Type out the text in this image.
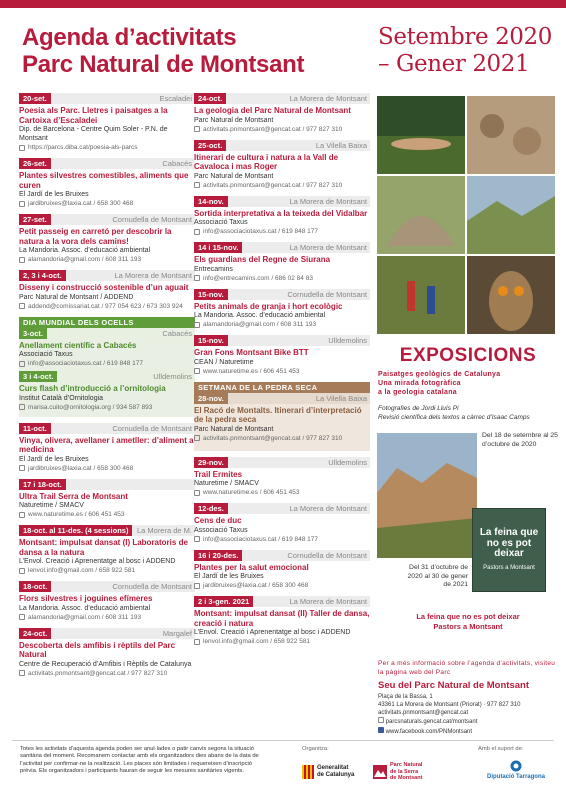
Agenda d’activitats
Parc Natural de Montsant
Setembre 2020
– Gener 2021
20-set.	Escaladei
Poesia als Parc. Lletres i paisatges a la Cartoixa d’Escaladei
Dip. de Barcelona - Centre Quim Soler - P.N. de Montsant
https://parcs.diba.cat/poesia-als-parcs
26-set.	Cabacés
Plantes silvestres comestibles, aliments que curen
El Jardí de les Bruixes
jardibruixes@laxia.cat / 658 300 468
27-set.	Cornudella de Montsant
Petit passeig en carretó per descobrir la natura a la vora dels camins!
La Mandoria. Assoc. d’educació ambiental
alamandoria@gmail.com / 608 311 193
2, 3 i 4-oct.	La Morera de Montsant
Disseny i construcció sostenible d’un aguait
Parc Natural de Montsant / ADDEND
addend@comissariat.cat / 977 054 623 / 673 303 924
DIA MUNDIAL DELS OCELLS
3-oct.	Cabacés
Anellament científic a Cabacés
Associació Taxus
info@associaciotaxus.cat / 619 848 177
3 i 4-oct.	Ulldemolins
Curs flash d’introducció a l’ornitologia
Institut Català d’Ornitologia
marisa.cuito@ornitologia.org / 934 587 893
11-oct.	Cornudella de Montsant
Vinya, olivera, avellaner i ametller: d’aliment a medicina
El Jardí de les Bruixes
jardibruixes@laxia.cat / 658 300 468
17 i 18-oct.
Ultra Trail Serra de Montsant
Naturetime / SMACV
www.naturetime.es / 606 451 453
18-oct. al 11-des. (4 sessions)	La Morera de M.
Montsant: impulsat dansat (I) Laboratoris de dansa a la natura
L’Envol. Creació i Aprenentatge al bosc i ADDEND
lenvol.info@gmail.com / 658 922 581
18-oct.	Cornudella de Montsant
Flors silvestres i joguines efímeres
La Mandoria. Assoc. d’educació ambiental
alamandoria@gmail.com / 608 311 193
24-oct.	Margalef
Descoberta dels amfibis i rèptils del Parc Natural
Centre de Recuperació d’Amfibis i Rèptils de Catalunya
activitats.pnmontsant@gencat.cat / 977 827 310
24-oct.	La Morera de Montsant
La geologia del Parc Natural de Montsant
Parc Natural de Montsant
activitats.pnmontsant@gencat.cat / 977 827 310
25-oct.	La Vilella Baixa
Itinerari de cultura i natura a la Vall de Cavaloca i mas Roger
Parc Natural de Montsant
activitats.pnmontsant@gencat.cat / 977 827 310
14-nov.	La Morera de Montsant
Sortida interpretativa a la teixeda del Vidalbar
Associació Taxus
info@associaciotaxus.cat / 619 848 177
14 i 15-nov.	La Morera de Montsant
Els guardians del Regne de Siurana
Entrecamins
info@entrecamins.com / 686 02 84 83
15-nov.	Cornudella de Montsant
Petits animals de granja i hort ecològic
La Mandoria. Assoc. d’educació ambiental
alamandoria@gmail.com / 608 311 193
15-nov.	Ulldemolins
Gran Fons Montsant Bike BTT
CEAN / Naturetime
www.naturetime.es / 606 451 453
SETMANA DE LA PEDRA SECA
28-nov.	La Vilella Baixa
El Racó de Montalts. Itinerari d’interpretació de la pedra seca
Parc Natural de Montsant
activitats.pnmontsant@gencat.cat / 977 827 310
29-nov.	Ulldemolins
Trail Ermites
Naturetime / SMACV
www.naturetime.es / 606 451 453
12-des.	La Morera de Montsant
Cens de duc
Associació Taxus
info@associaciotaxus.cat / 619 848 177
16 i 20-des.	Cornudella de Montsant
Plantes per la salut emocional
El Jardí de les Bruixes
jardibruixes@laxia.cat / 658 300 468
2 i 3-gen. 2021	La Morera de Montsant
Montsant: impulsat dansat (II) Taller de dansa, creació i natura
L’Envol. Creació i Aprenentatge al bosc i ADDEND
lenvol.info@gmail.com / 658 922 581
EXPOSICIONS
Paisatges geològics de Catalunya
Una mirada fotogràfica
a la geologia catalana
Fotografies de Jordi Lluís Pi
Revisió científica dels textos a càrrec d’Isaac Camps
Del 18 de setembre al 25 d’octubre de 2020
La feina que no es pot deixar
Pastors a Montsant
Del 31 d’octubre de 2020 al 30 de gener de 2021
La feina que no es pot deixar
Pastors a Montsant
Per a més informació sobre l’agenda d’activitats, visiteu la pàgina web del Parc
Seu del Parc Natural de Montsant
Plaça de la Bassa, 1
43361 La Morera de Montsant (Priorat) · 977 827 310
activitats.pnmontsant@gencat.cat
parcsnaturals.gencat.cat/montsant
www.facebook.com/PNMontsant
Totes les activitats d’aquesta agenda poden ser anul·lades o patir canvis segons la situació sanitària del moment. Recomanem contactar amb els organitzadors dies abans de la data de l’activitat per confirmar-ne la realització. Les places són limitades i requereixen d’inscripció prèvia. Els organitzadors i participants hauran de seguir les mesures sanitàries vigents.
Organitza:	Amb el suport de:
Generalitat
de Catalunya
Parc Natural
de la Serra
de Montsant	Diputació Tarragona
